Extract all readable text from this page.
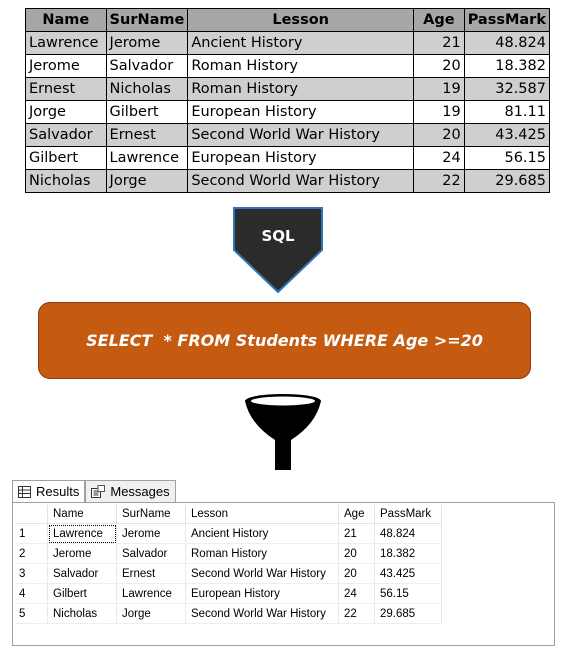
Name	SurName	Lesson	Age	PassMark
Lawrence	Jerome	Ancient History	21	48.824
Jerome	Salvador	Roman History	20	18.382
Ernest	Nicholas	Roman History	19	32.587
Jorge	Gilbert	European History	19	81.11
Salvador	Ernest	Second World War History	20	43.425
Gilbert	Lawrence	European History	24	56.15
Nicholas	Jorge	Second World War History	22	29.685
SQL
SELECT  * FROM Students WHERE Age >=20
Results Messages
	Name	SurName	Lesson	Age	PassMark
1	Lawrence	Jerome	Ancient History	21	48.824
2	Jerome	Salvador	Roman History	20	18.382
3	Salvador	Ernest	Second World War History	20	43.425
4	Gilbert	Lawrence	European History	24	56.15
5	Nicholas	Jorge	Second World War History	22	29.685
